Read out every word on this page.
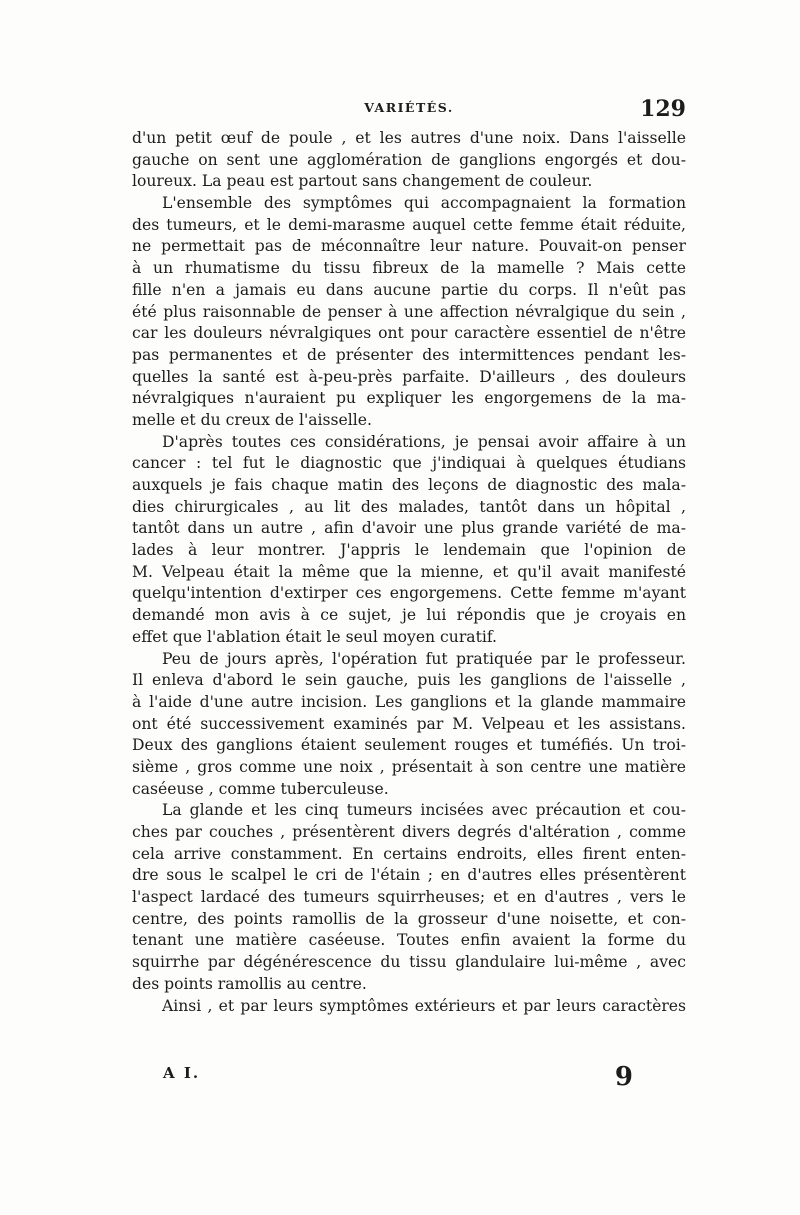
VARIÉTÉS.	129
d'un petit œuf de poule , et les autres d'une noix. Dans l'aisselle
gauche on sent une agglomération de ganglions engorgés et dou-
loureux. La peau est partout sans changement de couleur.
L'ensemble des symptômes qui accompagnaient la formation
des tumeurs, et le demi-marasme auquel cette femme était réduite,
ne permettait pas de méconnaître leur nature. Pouvait-on penser
à un rhumatisme du tissu fibreux de la mamelle ? Mais cette
fille n'en a jamais eu dans aucune partie du corps. Il n'eût pas
été plus raisonnable de penser à une affection névralgique du sein ,
car les douleurs névralgiques ont pour caractère essentiel de n'être
pas permanentes et de présenter des intermittences pendant les-
quelles la santé est à-peu-près parfaite. D'ailleurs , des douleurs
névralgiques n'auraient pu expliquer les engorgemens de la ma-
melle et du creux de l'aisselle.
D'après toutes ces considérations, je pensai avoir affaire à un
cancer : tel fut le diagnostic que j'indiquai à quelques étudians
auxquels je fais chaque matin des leçons de diagnostic des mala-
dies chirurgicales , au lit des malades, tantôt dans un hôpital ,
tantôt dans un autre , afin d'avoir une plus grande variété de ma-
lades à leur montrer. J'appris le lendemain que l'opinion de
M. Velpeau était la même que la mienne, et qu'il avait manifesté
quelqu'intention d'extirper ces engorgemens. Cette femme m'ayant
demandé mon avis à ce sujet, je lui répondis que je croyais en
effet que l'ablation était le seul moyen curatif.
Peu de jours après, l'opération fut pratiquée par le professeur.
Il enleva d'abord le sein gauche, puis les ganglions de l'aisselle ,
à l'aide d'une autre incision. Les ganglions et la glande mammaire
ont été successivement examinés par M. Velpeau et les assistans.
Deux des ganglions étaient seulement rouges et tuméfiés. Un troi-
sième , gros comme une noix , présentait à son centre une matière
caséeuse , comme tuberculeuse.
La glande et les cinq tumeurs incisées avec précaution et cou-
ches par couches , présentèrent divers degrés d'altération , comme
cela arrive constamment. En certains endroits, elles firent enten-
dre sous le scalpel le cri de l'étain ; en d'autres elles présentèrent
l'aspect lardacé des tumeurs squirrheuses; et en d'autres , vers le
centre, des points ramollis de la grosseur d'une noisette, et con-
tenant une matière caséeuse. Toutes enfin avaient la forme du
squirrhe par dégénérescence du tissu glandulaire lui-même , avec
des points ramollis au centre.
Ainsi , et par leurs symptômes extérieurs et par leurs caractères
A I.	9
